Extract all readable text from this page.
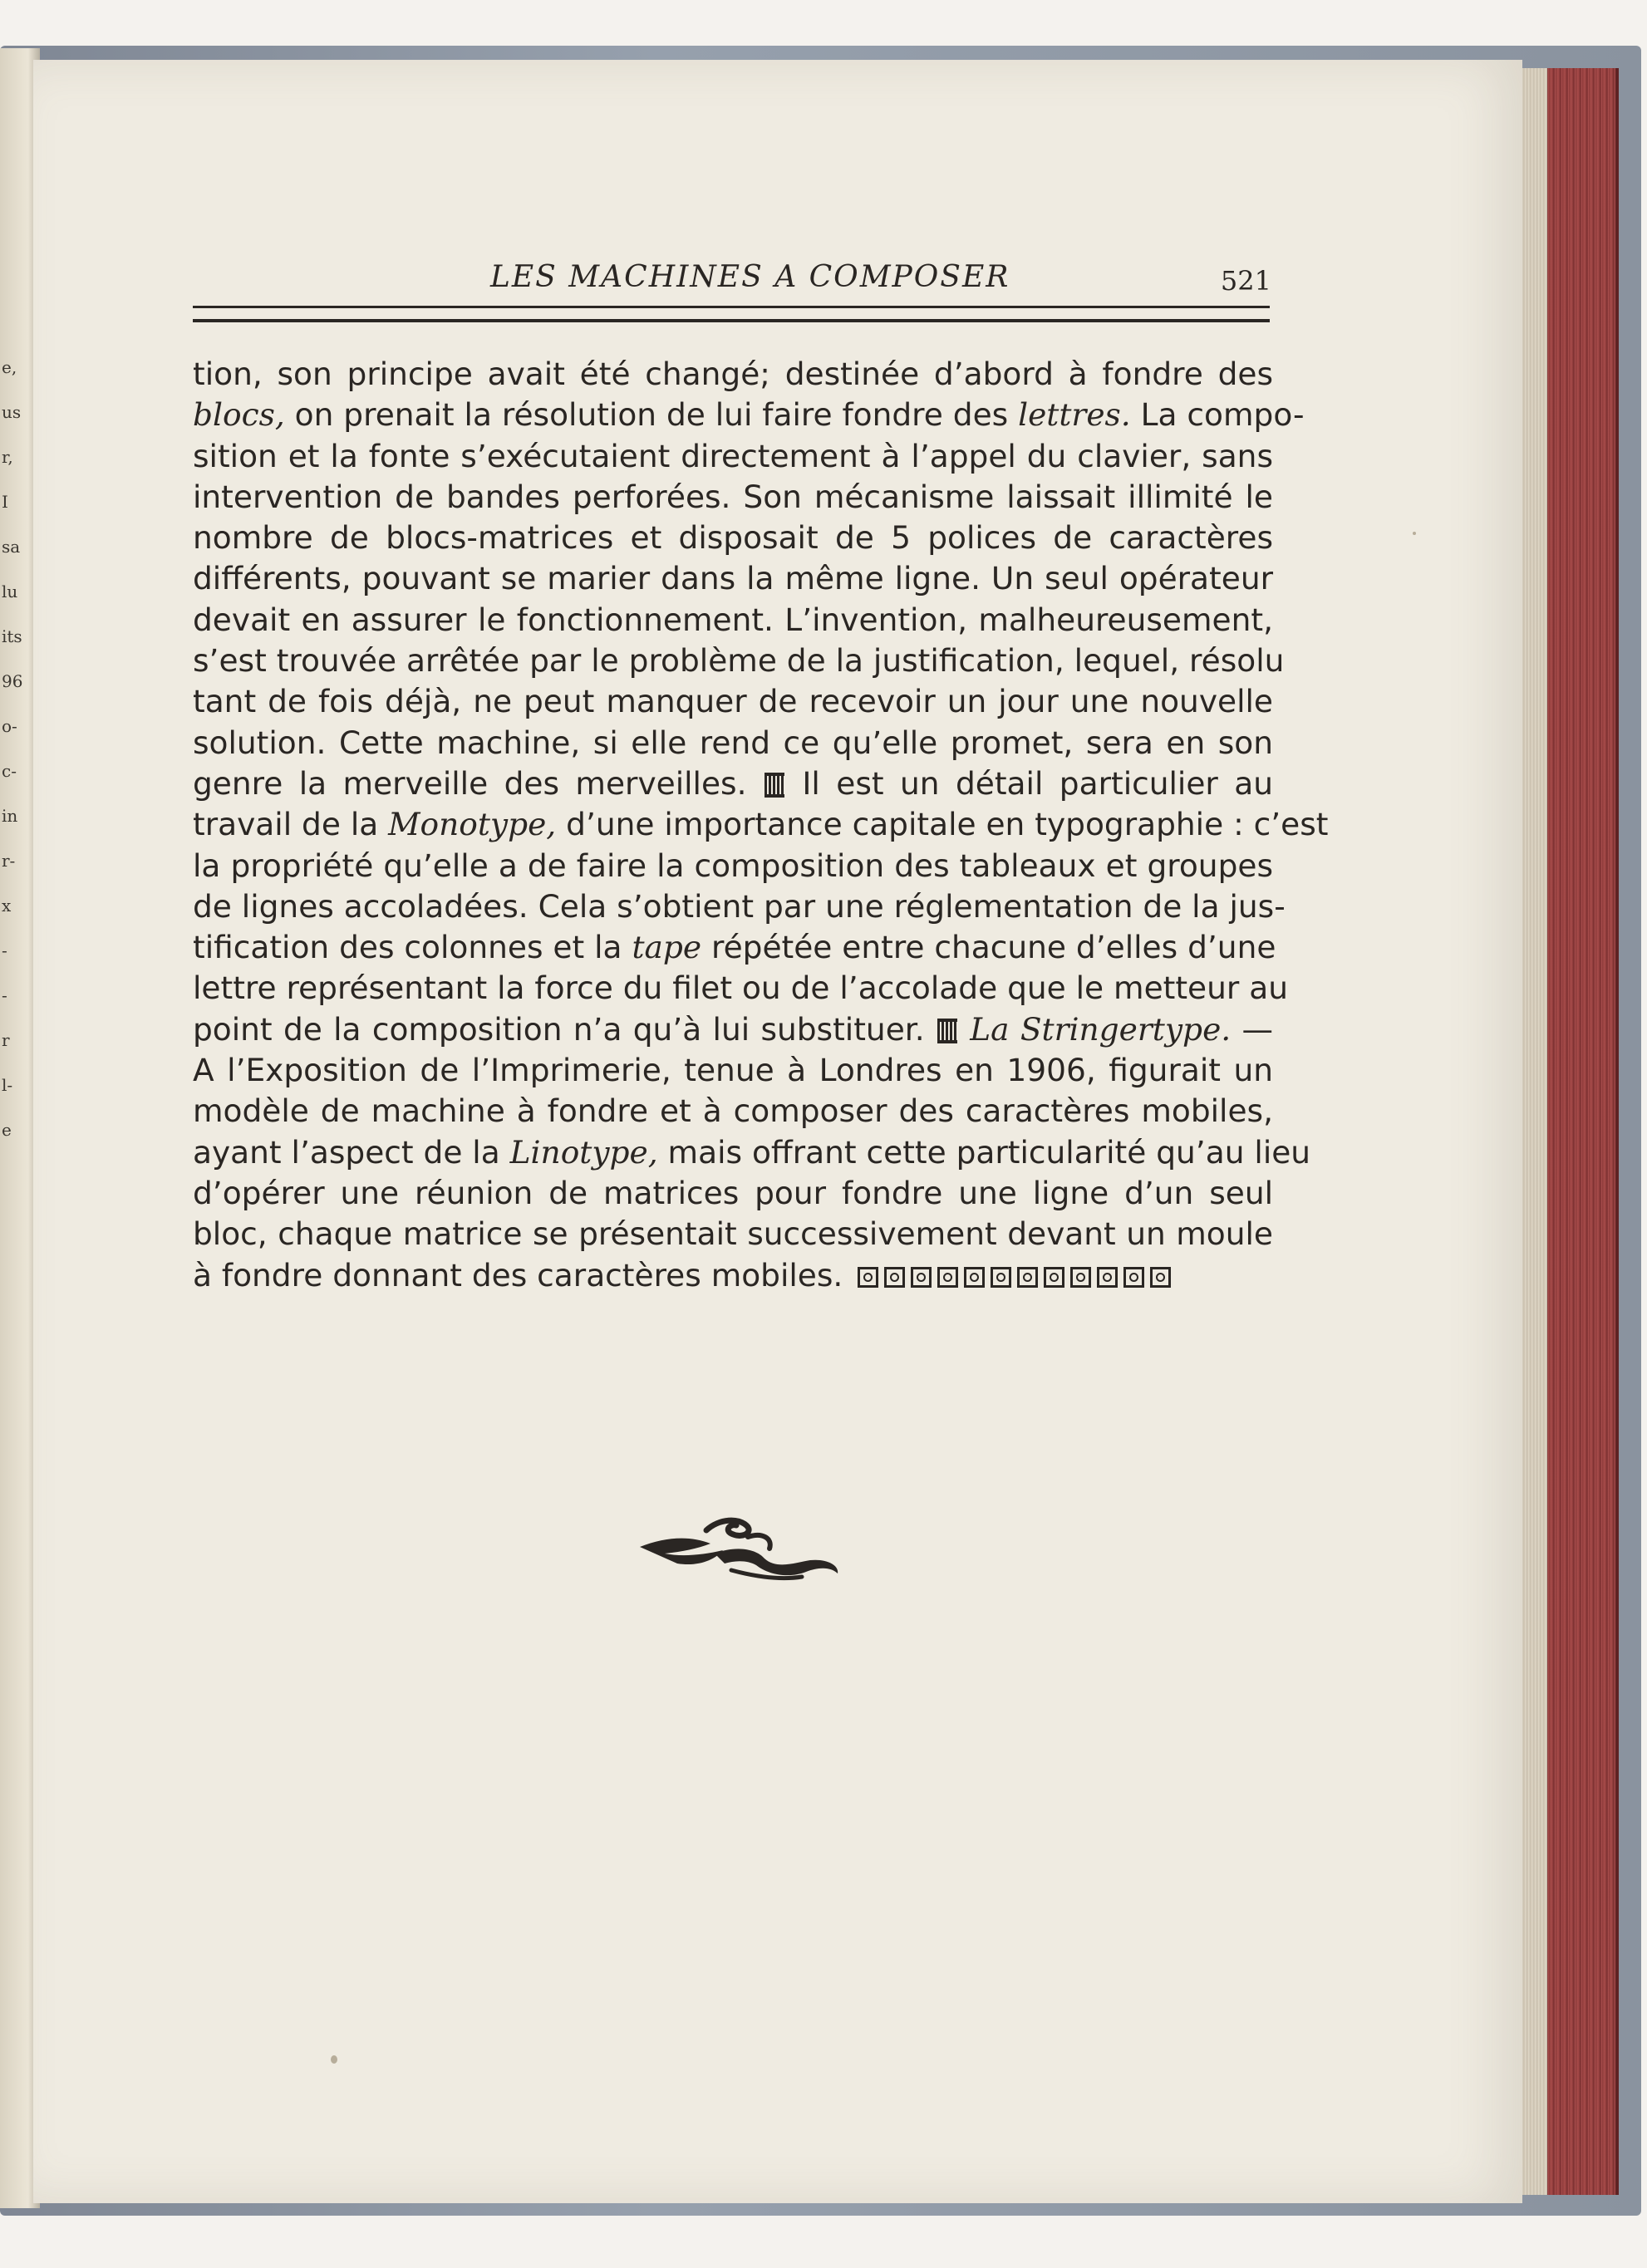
e,
us
r,
I
sa
lu
its
96
o-
c-
in
r-
x
-
-
r
l-
e
LES MACHINES A COMPOSER	521
tion, son principe avait été changé; destinée d’abord à fondre des
blocs, on prenait la résolution de lui faire fondre des lettres. La compo-
sition et la fonte s’exécutaient directement à l’appel du clavier, sans
intervention de bandes perforées. Son mécanisme laissait illimité le
nombre de blocs-matrices et disposait de 5 polices de caractères
différents, pouvant se marier dans la même ligne. Un seul opérateur
devait en assurer le fonctionnement. L’invention, malheureusement,
s’est trouvée arrêtée par le problème de la justification, lequel, résolu
tant de fois déjà, ne peut manquer de recevoir un jour une nouvelle
solution. Cette machine, si elle rend ce qu’elle promet, sera en son
genre la merveille des merveilles.  Il est un détail particulier au
travail de la Monotype, d’une importance capitale en typographie : c’est
la propriété qu’elle a de faire la composition des tableaux et groupes
de lignes accoladées. Cela s’obtient par une réglementation de la jus-
tification des colonnes et la tape répétée entre chacune d’elles d’une
lettre représentant la force du filet ou de l’accolade que le metteur au
point de la composition n’a qu’à lui substituer.  La Stringertype. —
A l’Exposition de l’Imprimerie, tenue à Londres en 1906, figurait un
modèle de machine à fondre et à composer des caractères mobiles,
ayant l’aspect de la Linotype, mais offrant cette particularité qu’au lieu
d’opérer une réunion de matrices pour fondre une ligne d’un seul
bloc, chaque matrice se présentait successivement devant un moule
à fondre donnant des caractères mobiles.
